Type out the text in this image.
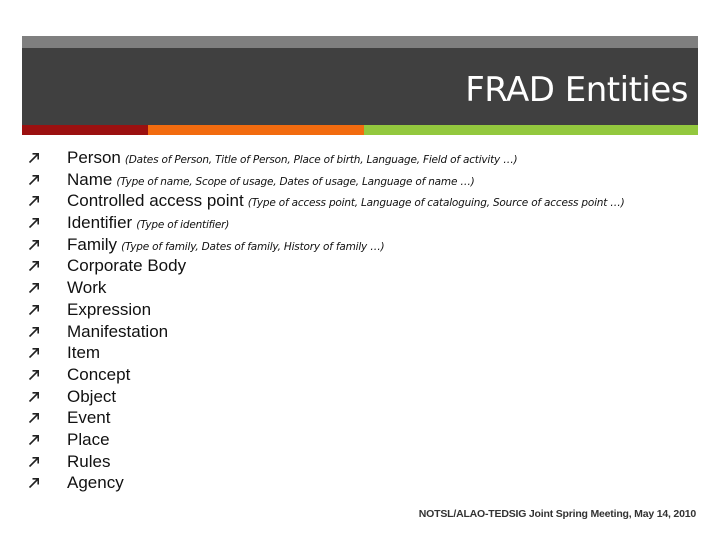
FRAD Entities
Person (Dates of Person, Title of Person, Place of birth, Language, Field of activity …)
Name (Type of name, Scope of usage, Dates of usage, Language of name …)
Controlled access point (Type of access point, Language of cataloguing, Source of access point …)
Identifier (Type of identifier)
Family (Type of family, Dates of family, History of family …)
Corporate Body
Work
Expression
Manifestation
Item
Concept
Object
Event
Place
Rules
Agency
NOTSL/ALAO-TEDSIG Joint Spring Meeting, May 14, 2010
